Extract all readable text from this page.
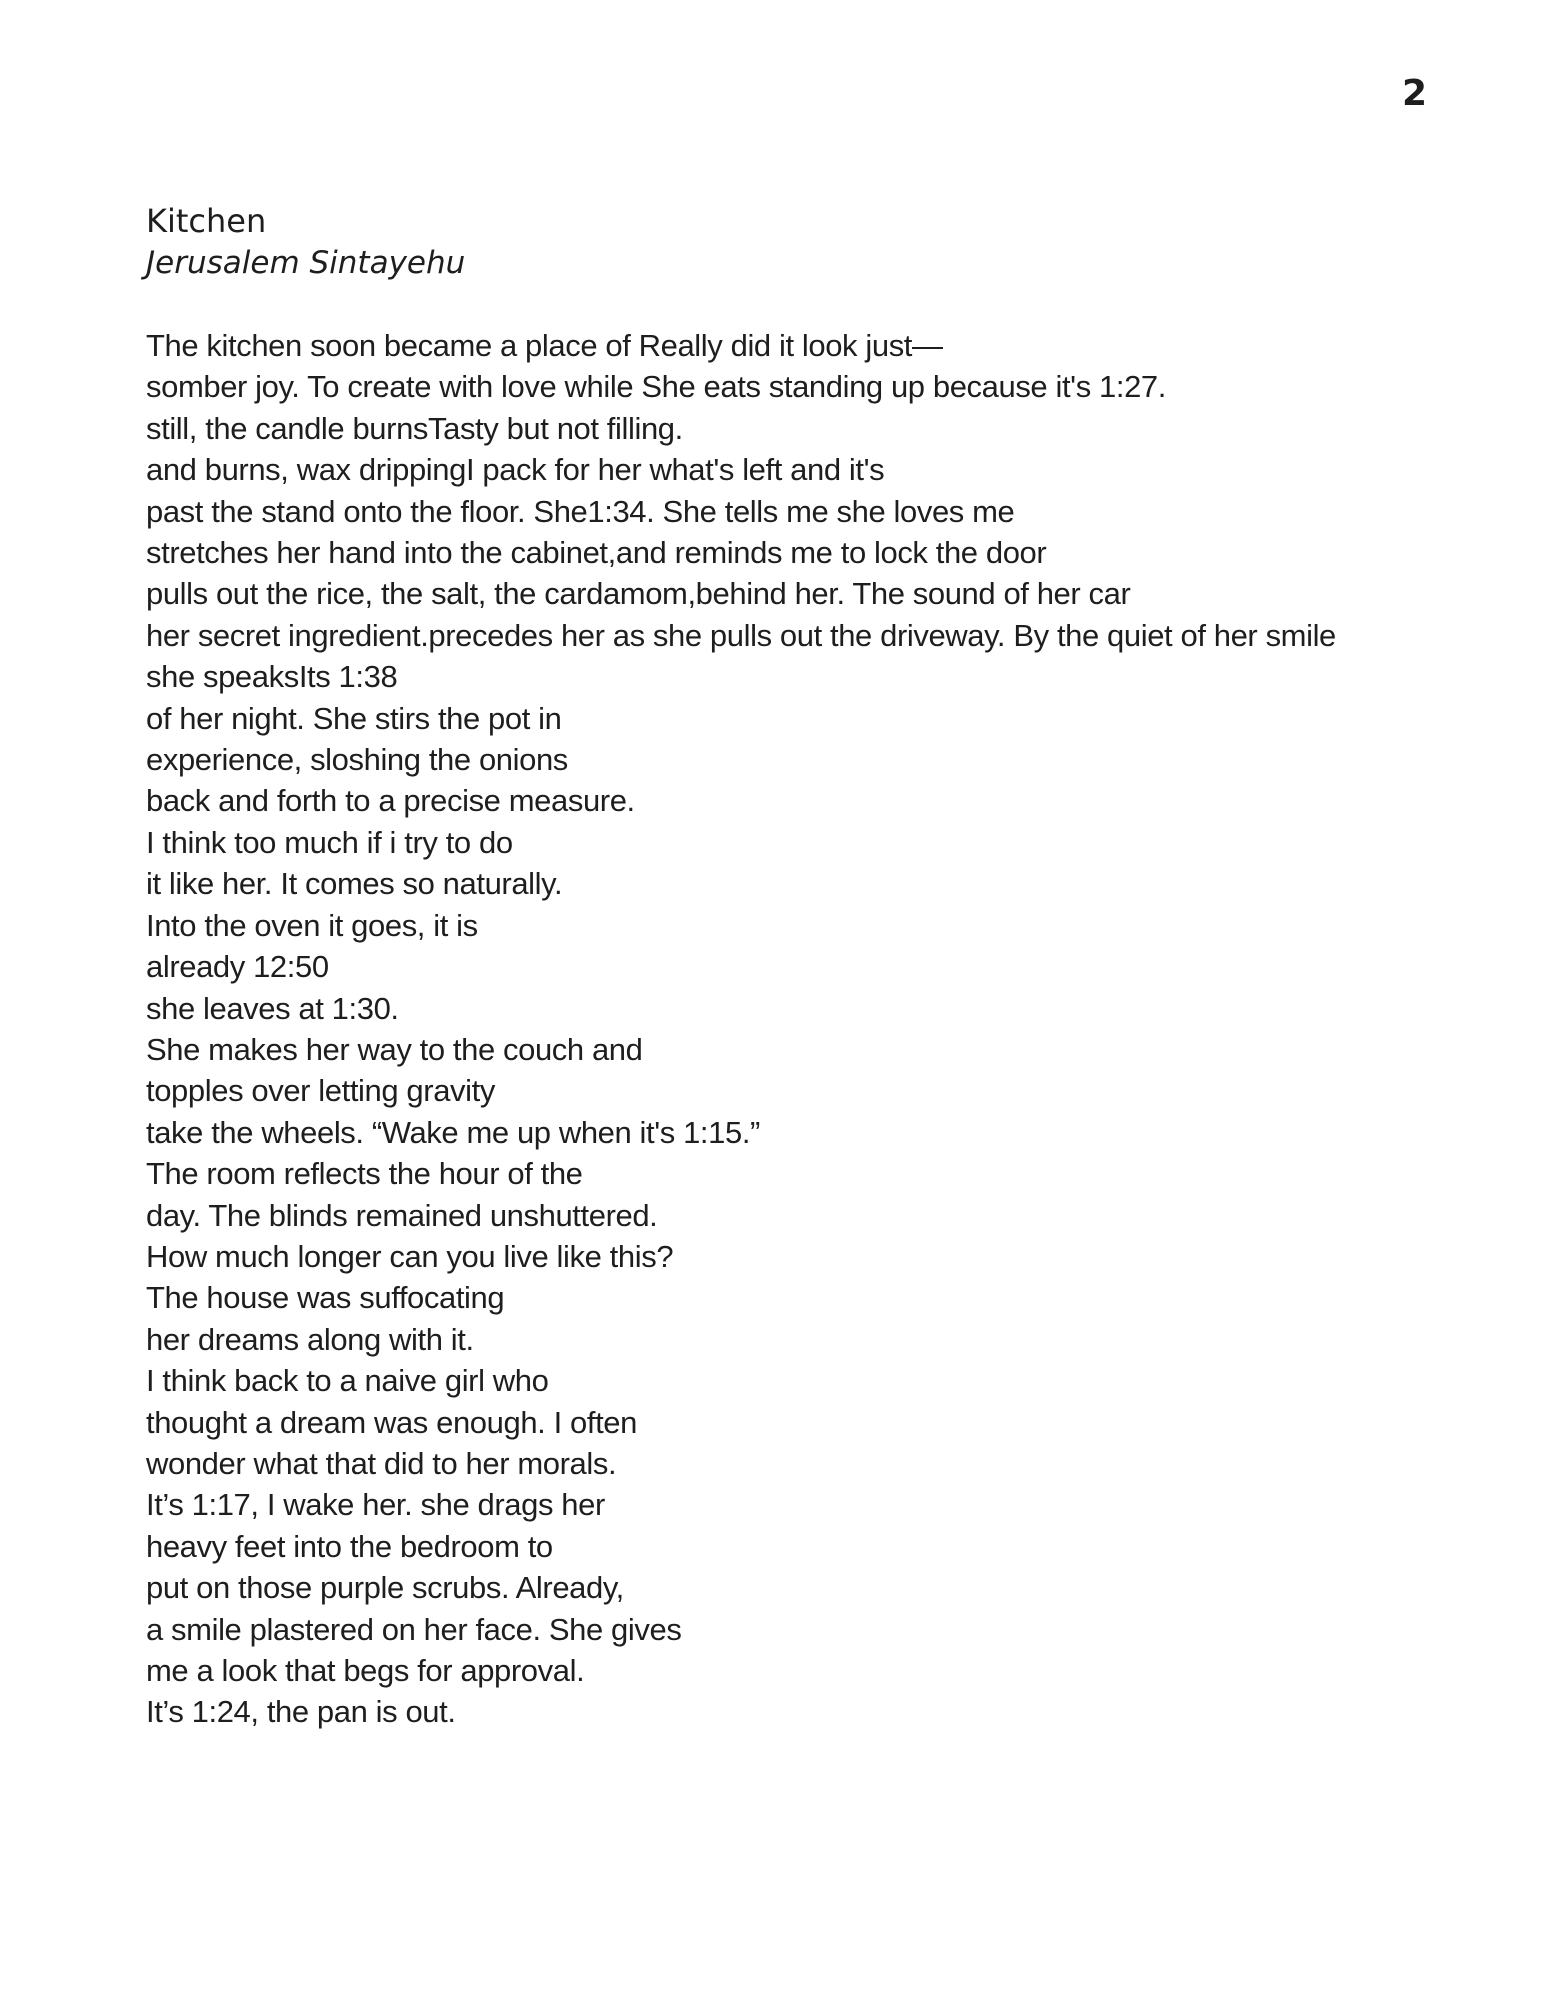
2
Kitchen
Jerusalem Sintayehu
The kitchen soon became a place of Really did it look just—
somber joy. To create with love while She eats standing up because it's 1:27.
still, the candle burnsTasty but not filling.
and burns, wax drippingI pack for her what's left and it's
past the stand onto the floor. She1:34. She tells me she loves me
stretches her hand into the cabinet,and reminds me to lock the door
pulls out the rice, the salt, the cardamom,behind her. The sound of her car
her secret ingredient.precedes her as she pulls out the driveway. By the quiet of her smile
she speaksIts 1:38
of her night. She stirs the pot in
experience, sloshing the onions
back and forth to a precise measure.
I think too much if i try to do
it like her. It comes so naturally.
Into the oven it goes, it is
already 12:50
she leaves at 1:30.
She makes her way to the couch and
topples over letting gravity
take the wheels. “Wake me up when it's 1:15.”
The room reflects the hour of the
day. The blinds remained unshuttered.
How much longer can you live like this?
The house was suffocating
her dreams along with it.
I think back to a naive girl who
thought a dream was enough. I often
wonder what that did to her morals.
It’s 1:17, I wake her. she drags her
heavy feet into the bedroom to
put on those purple scrubs. Already,
a smile plastered on her face. She gives
me a look that begs for approval.
It’s 1:24, the pan is out.
